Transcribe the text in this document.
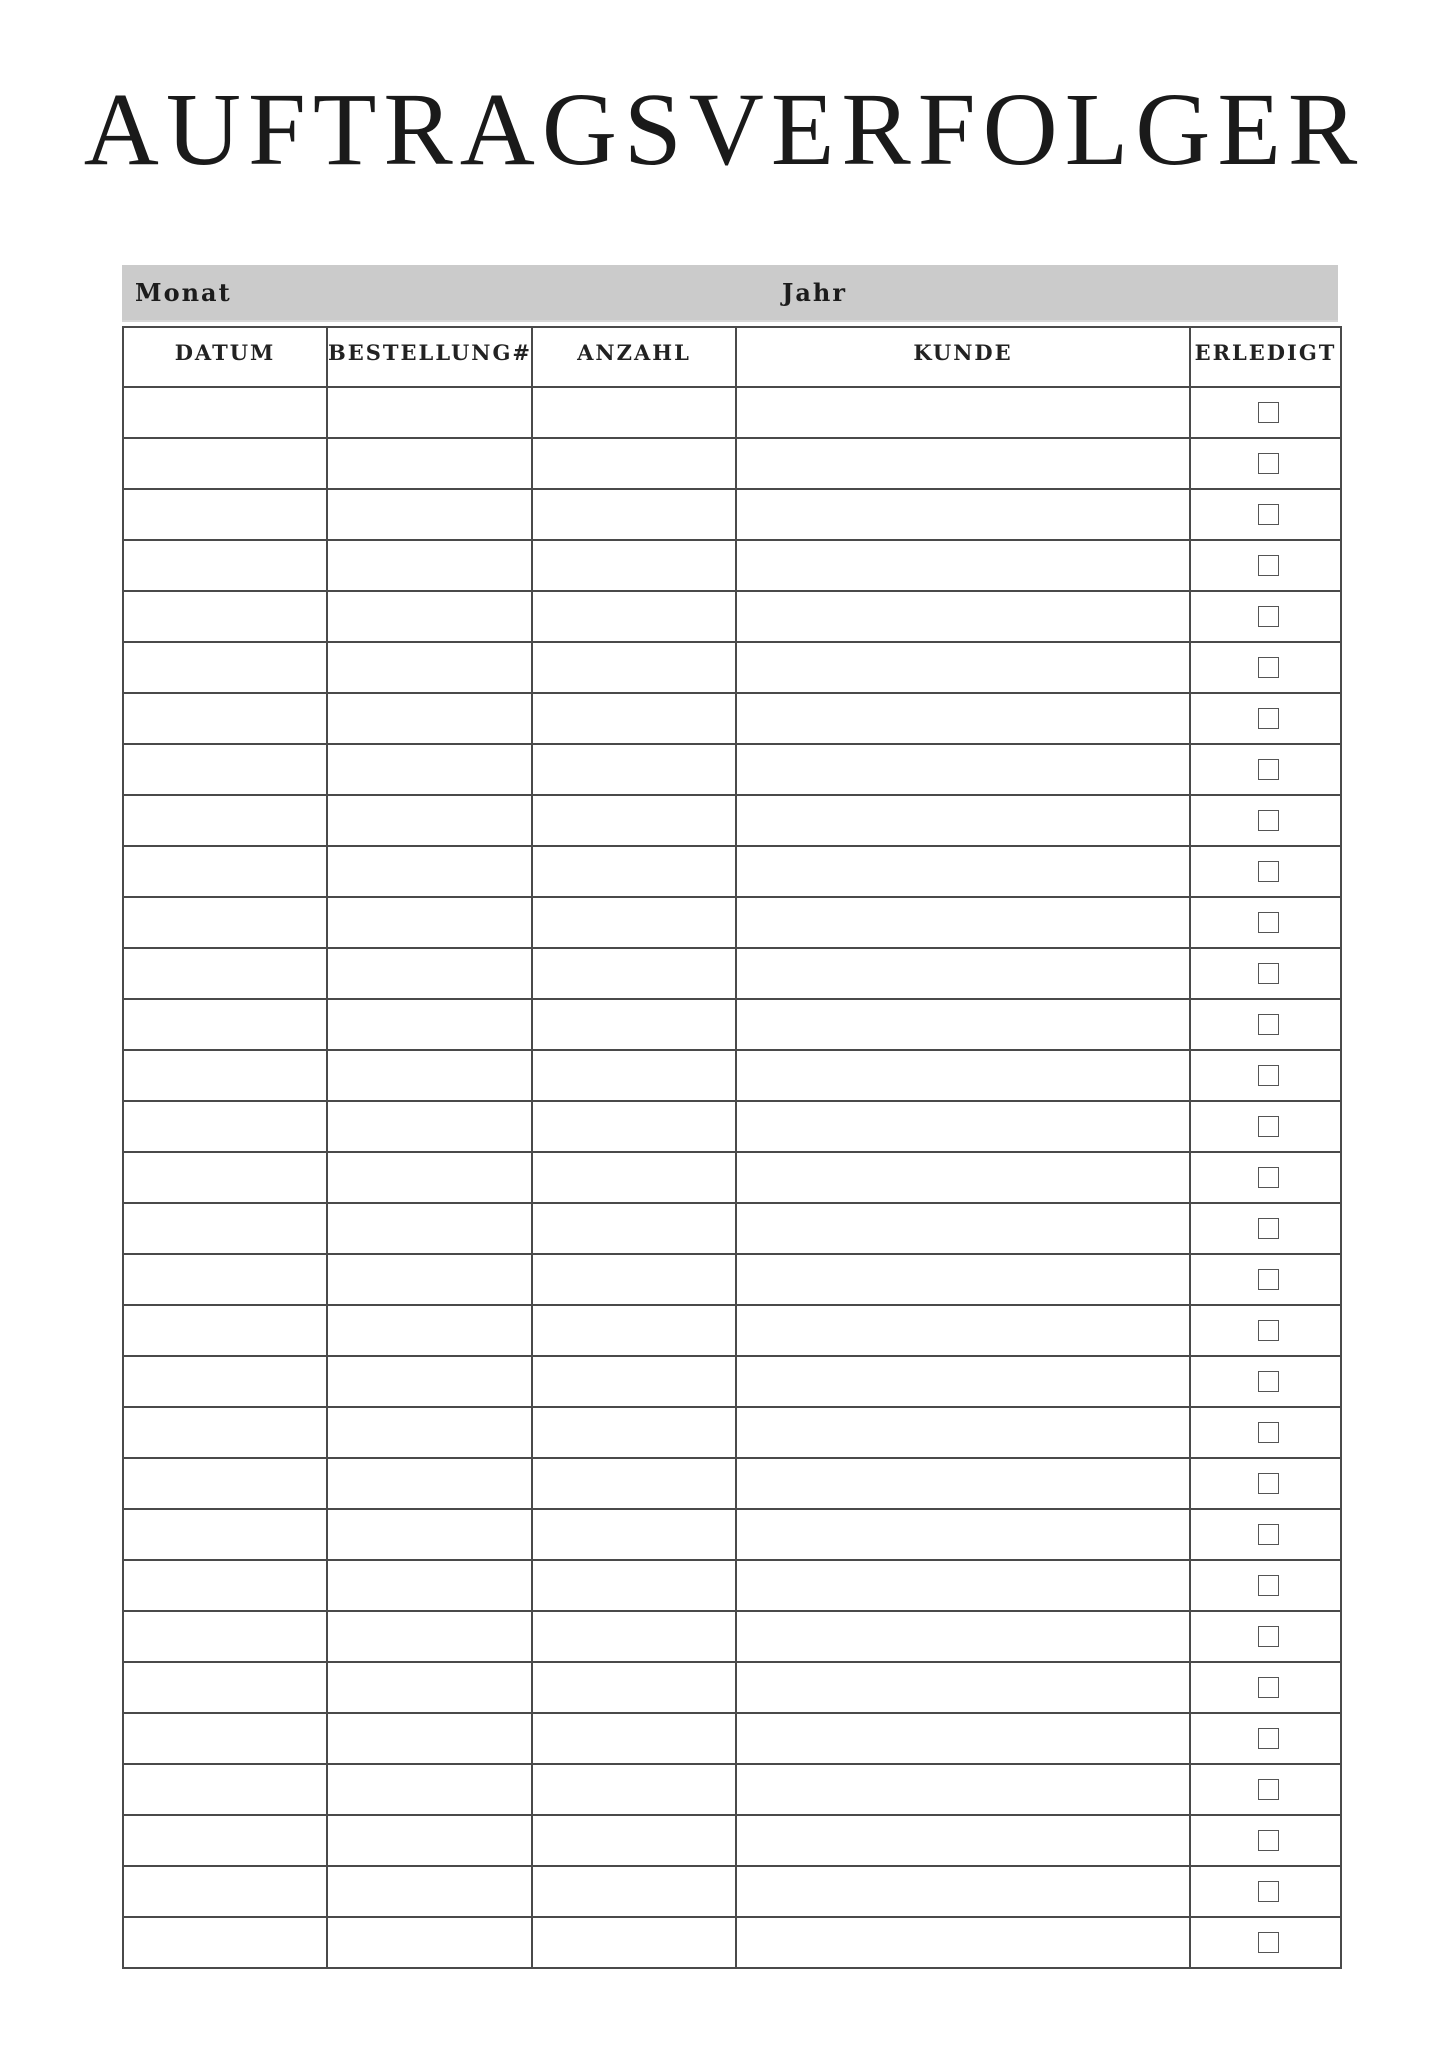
AUFTRAGSVERFOLGER
Monat	Jahr
DATUM	BESTELLUNG#	ANZAHL	KUNDE	ERLEDIGT
